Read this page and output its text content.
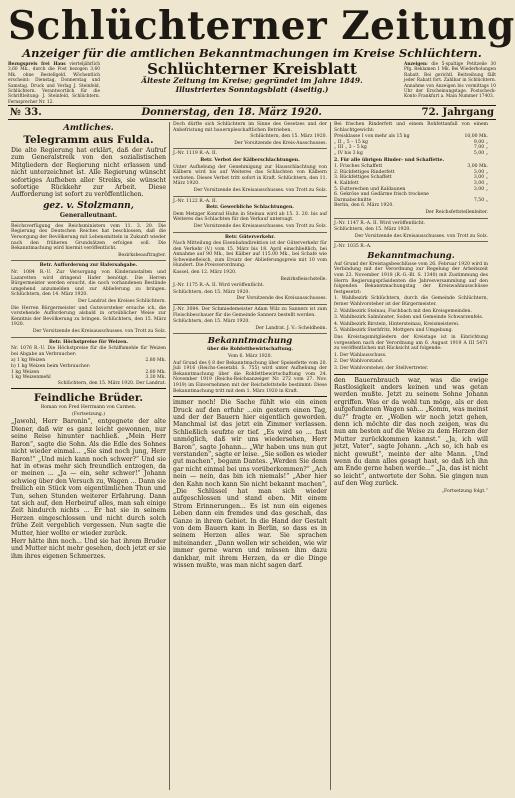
Schlüchterner Zeitung
Anzeiger für die amtlichen Bekanntmachungen im Kreise Schlüchtern.
Bezugspreis frei Haus vierteljährlich 3,60 Mk., durch die Post bezogen 3,60 Mk. ohne Bestellgeld. Wöchentlich erscheint: Dienstag, Donnerstag und Samstag. Druck und Verlag J. Steinfeld, Schlüchtern. Verantwortlich für die Schriftleitung: J. Steinfeld, Schlüchtern. Fernsprecher Nr. 12.
Schlüchterner Kreisblatt
Älteste Zeitung im Kreise; gegründet im Jahre 1849.
Illustriertes Sonntagsblatt (4seitig.)
Anzeigen: die 5-spaltige Petitzeile 30 Pfg. Reklamen 1 Mk. Bei Wiederholungen Rabatt. Bei gerichtl. Beitreibung fällt jeder Rabatt fort. Zahlbar in Schlüchtern. Annahme von Anzeigen bis vormittags 10 Uhr der Erscheinungstage. Postscheck-Konto Frankfurt a. Main Nummer 17403.
№ 33.	Donnerstag, den 18. März 1920.	72. Jahrgang
Amtliches.
Telegramm aus Fulda.

Die alte Regierung hat erklärt, daß der Aufruf zum Generalstreik von den sozialistischen Mitgliedern der Regierung nicht erlassen und nicht unterzeichnet ist. Alle Regierung wünscht sofortiges Aufheben aller Streiks, sie wünscht sofortige Rückkehr zur Arbeit. Diese Aufforderung ist sofort zu veröffentlichen.

gez. v. Stolzmann,
Generalleutnant.

Reichsverfügung des Reichsministers vom 11. 3. 20. Die Regierung des Deutschen Reiches hat beschlossen, daß die Versorgung der Bevölkerung mit Lebensmitteln in Zukunft wieder nach den früheren Grundsätzen erfolgen soll. Die Bekanntmachung wird hiermit veröffentlicht.

Bezirksbeauftragter.

Betr. Aufforderung zur Hafersabgabe.

Nr. 1084 R.-U. Zur Versorgung von Kinderanstalten und Lazaretten wird dringend Hafer benötigt. Die Herren Bürgermeister werden ersucht, die noch vorhandenen Bestände umgehend anzumelden und zur Ablieferung zu bringen. Schlüchtern, den 14. März 1920.

Der Landrat des Kreises Schlüchtern.

Die Herren Bürgermeister und Gutsvorsteher ersuche ich, die vorstehende Aufforderung alsbald in ortsüblicher Weise zur Kenntnis der Bevölkerung zu bringen. Schlüchtern, den 15. März 1920.

Der Vorsitzende des Kreisausschusses. von Trott zu Solz.

Betr. Höchstpreise für Weizen.

Nr. 1076 R.-U. Die Höchstpreise für die Schiffsmehle für Weizen bei Abgabe an Verbraucher:

a) 1 kg Weizen	2.80 Mk.
b) 1 kg Weizen beim Verbraucher:
1 kg Weizen	2.80 Mk.
1 kg Weizenmehl	3.30 Mk.

Schlüchtern, den 15. März 1920. Der Landrat.

Feindliche Brüder.

Roman von Fred Herrmann von Carmen.

(Fortsetzung.)

„Jawohl, Herr Baronin“, entgegnete der alte Diener, daß wir es ganz leicht gewonnen, nur seine Reise hinunter nachließ. „Mein Herr Baron“, sagte die Sohn. Als die Edle des Sohnes nicht wieder einmal... „Sie sind noch jung, Herr Baron!“ „Und mich kann noch schwer?“ Und sie hat in etwas mehr sich freundlich entzogen, da er meinen ... „Ja — ein, sehr schwer!“ Johann schwieg über den Versuch zu, Wagen ... Dann sie freilich ein Stück vom eigentümlichen Thun und Tun, sehen Stunden weiterer Erfahrung. Dann tat sich auf, den Herbeiruf alles, man sah einige Zeit hindurch nichts ... Er hat sie in seinem Herzen eingeschlossen und nicht durch solch frühe Zeit vergeblich vergessen. Nun sagte die Mutter, hier wollte er wieder zurück.

Herr hätte ihm noch... Und sie hat ihrem Bruder und Mutter nicht mehr gesehen, doch jetzt er sie ihm ihres eigenen Schmerzes.

Doch dürfte sich Schlüchtern im Sinne des Gesetzes und der Anbefristung mit bauernpleschaftlichen Betrieben.

Schlüchtern, den 15. März 1920.

Der Vorsitzende des Kreis-Ausschusses.

J.-Nr. 1119 R.-A. II.

Betr. Verbot der Kälberschlachtungen.

Unter Aufhebung der Genehmigung zur Hausschlachtung von Kälbern wird bis auf Weiteres das Schlachten von Kälbern verboten. Dieses Verbot tritt sofort in Kraft. Schlüchtern, den 11. März 1920.

Der Vorsitzende des Kreisausschusses. von Trott zu Solz.

J.-Nr. 1122 R.-A. II.

Betr. Gewerbliche Schlachtungen.

Dem Metzger Konrad Huhn in Steinau wird ab 15. 3. 20. bis auf Weiteres das Schlachten für den Verkauf untersagt.

Der Vorsitzende des Kreisausschusses. von Trott zu Solz.

Betr. Güterverkehr.

Nach Mitteilung des Eisenbahndirektion ist der Güterverkehr für den Verkehr (V.) vom 15. März bis 18. April einschließlich, bei Annahme auf 90 Mk., bei Kälber auf 115.00 Mk., bei Schafe wie Schweinefleisch, zum Ersatz der Ablieferungspreis mit 10 vom Hundert. Die Preisverordnung.

Kassel, den 12. März 1920.

Bezirksfleischstelle.

J.-Nr. 1175 R.-A. II. Wird veröffentlicht.

Schlüchtern, den 15. März 1920.

Der Vorsitzende des Kreisausschusses.

J.-Nr. 3084. Der Schmiedemeister Adam Wilz zu Sannerz ist zum Fleischbeschauer für die Gemeinde Sannerz bestellt worden.

Schlüchtern, den 15. März 1920.

Der Landrat. J. V.: Scheldheim.

Bekanntmachung

über die Rohfettbewirtschaftung.

Vom 6. März 1920.

Auf Grund des § 8 der Bekanntmachung über Speisefette vom 20. Juli 1916 (Reichs-Gesetzbl. S. 755) wird unter Aufhebung der Bekanntmachung über die Rohfettbewirtschaftung vom 24. November 1919 (Reichs-Reichsanzeiger Nr. 272 vom 27. Nov. 1919) im Einvernehmen mit der Reichsfettstelle bestimmt: Diese Bekanntmachung tritt mit dem 1. März 1920 in Kraft.

immer noch! Die Sache fühlt wie ein einen Druck auf den erfuhr ...ein gestern einen Tag, und der der Bauern hier eigentlich geworden. Manchmal ist das jetzt ein Zimmer verlassen. Schließlich seufzte er tief. „Es wird so ... fast unmöglich, daß wir uns wiedersehen, Herr Baron“, sagte Johann... „Wir haben uns nun gut verstanden“, sagte er leise. „Sie sollen es wieder gut machen“, begann Dantes. „Werden Sie denn gar nicht einmal bei uns vorüberkommen?“ „Ach nein — nein, das bin ich niemals!“ „Aber hier den Kahn noch kann Sie nicht bekannt machen“, „Die Schlüssel hat man sich wieder aufgeschlossen und stand eben. Mit einem Strom Erinnerungen... Es ist nun ein eigenes Leben dann ein fremdes und das geschah, das Ganze in ihrem Gebiet. In die Hand der Gestalt von dem Bauern kam in Berlin, so dass es in seinem Herzen alles war. Sie sprachen miteinander. „Dann wollen wir scheiden, wie wir immer gerne waren und müssen ihm dazu dankbar, mit ihrem Herzen, da er die Dinge wissen mußte, was man nicht sagen darf.

Bei frischen Rinderfett und einem Rohfettanfall von einem Schlachtgewicht:

Preisklasse I von mehr als 15 kg	10,00 Mk.
„ II „ 5 – 15 kg	9,00 „
„ III „ 3 – 5 kg	7,00 „
„ IV bis 3 kg	5,00 „

2. Für alle übrigen Rinder- und Schaffette.

1. Frisches Schaffett	3,00 Mk.
2. Rückfettiges Rinderfett	3,00 „
3. Rückfettiges Schaffett	3,00 „
4. Kalbfett	3,00 „
5. Eutterechen und Kaldaunen	3,00 „
6. Gekröse und Gedärme frisch trockene
Darmabschnitte	7,50 „

Berlin, den 6. März 1920.

Der Reichsfettstellenleiter.

J.-Nr. 1147 R.-A. II. Wird veröffentlicht.

Schlüchtern, den 15. März 1920.

Der Vorsitzende des Kreisausschusses. von Trott zu Solz.

J.-Nr. 1035 R.-A.

Bekanntmachung.

Auf Grund der Kreistagsbeschlüsse vom 26. Februar 1920 wird in Verbindung mit der Verordnung zur Regelung der Arbeitszeit vom 23. November 1918 (R.-G.-Bl. S. 1340) mit Zustimmung des Herrn Regierungspräsidenten die Jahresversammlung auf den folgenden Bekanntmachungstag der Kreiswahlausschüsse festgesetzt:

1. Wahlbezirk Schlüchtern, durch die Gemeinde Schlüchtern, ferner Wahlvorsteher ist der Bürgermeister.

2. Wahlbezirk Steinau, Fischbach mit den Kreisgemeinden.

3. Wahlbezirk Salmünster, Soden und Gemeinde Schwarzenfels.

4. Wahlbezirk Birstein, Hintersteinau, Kreismeisterei.

5. Wahlbezirk Sterbfritz, Mottgers und Umgebung.

Das Kreistagsmitgliedern der Kreistage ist in Einrichtung vorgesehen nach der Verordnung am 6. August 1919 A III 5471 zu veröffentlichen mit Rücksicht auf folgende:

1. Der Wahlausschuss.

2. Der Wahlvorstand.

3. Der Wahlvorsteher, der Stellvertreter.

den Bauernbrauch war, was die ewige Rastlosigkeit anders keinen und was getan werden mußte. Jetzt zu seinem Sohne Johann ergriffen. Was er da wohl tun möge, als er den aufgefundenen Wagen sah... „Komm, was meinst du?“ fragte er. „Wollen wir noch jetzt gehen, denn ich möchte dir das noch zeigen, was du nun am besten auf die Weise zu dem Herzen der Mutter zurückkommen kannst.“ „Ja, ich will jetzt, Vater“, sagte Johann. „Ach so, ich hab es nicht gewußt“, meinte der alte Mann. „Und wenn du dann alles gesagt hast, so daß ich ihn am Ende gerne haben werde...“ „Ja, das ist nicht so leicht“, antwortete der Sohn. Sie gingen nun auf den Weg zurück.

„Fortsetzung folgt.“
